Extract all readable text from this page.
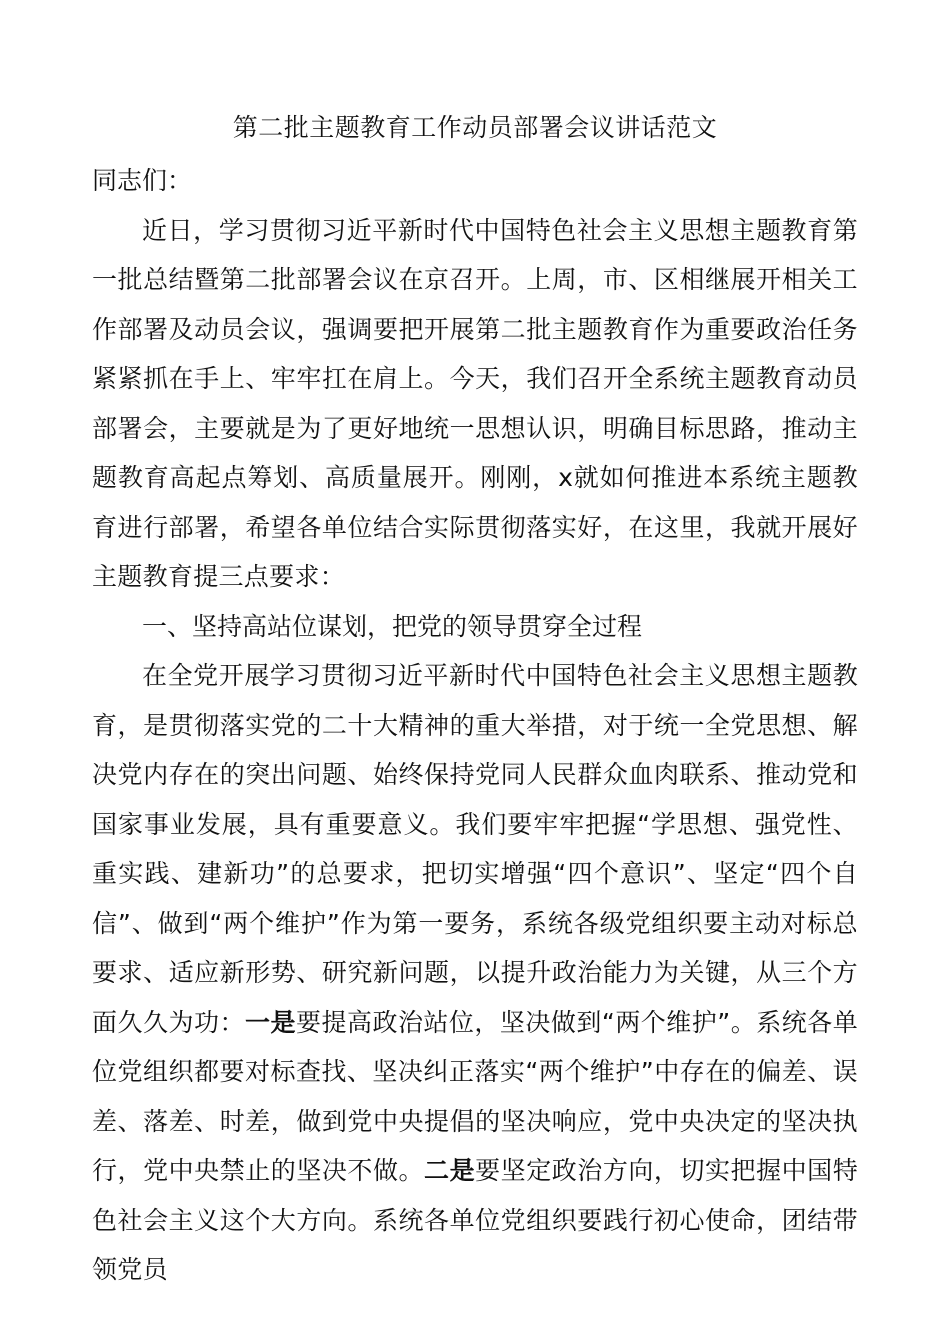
第二批主题教育工作动员部署会议讲话范文

同志们：

近日，学习贯彻习近平新时代中国特色社会主义思想主题教育第一批总结暨第二批部署会议在京召开。上周，市、区相继展开相关工作部署及动员会议，强调要把开展第二批主题教育作为重要政治任务紧紧抓在手上、牢牢扛在肩上。今天，我们召开全系统主题教育动员部署会，主要就是为了更好地统一思想认识，明确目标思路，推动主题教育高起点筹划、高质量展开。刚刚，x就如何推进本系统主题教育进行部署，希望各单位结合实际贯彻落实好，在这里，我就开展好主题教育提三点要求：

一、坚持高站位谋划，把党的领导贯穿全过程

在全党开展学习贯彻习近平新时代中国特色社会主义思想主题教育，是贯彻落实党的二十大精神的重大举措，对于统一全党思想、解决党内存在的突出问题、始终保持党同人民群众血肉联系、推动党和国家事业发展，具有重要意义。我们要牢牢把握“学思想、强党性、重实践、建新功”的总要求，把切实增强“四个意识”、坚定“四个自信”、做到“两个维护”作为第一要务，系统各级党组织要主动对标总要求、适应新形势、研究新问题，以提升政治能力为关键，从三个方面久久为功：一是要提高政治站位，坚决做到“两个维护”。系统各单位党组织都要对标查找、坚决纠正落实“两个维护”中存在的偏差、误差、落差、时差，做到党中央提倡的坚决响应，党中央决定的坚决执行，党中央禁止的坚决不做。二是要坚定政治方向，切实把握中国特色社会主义这个大方向。系统各单位党组织要践行初心使命，团结带领党员
